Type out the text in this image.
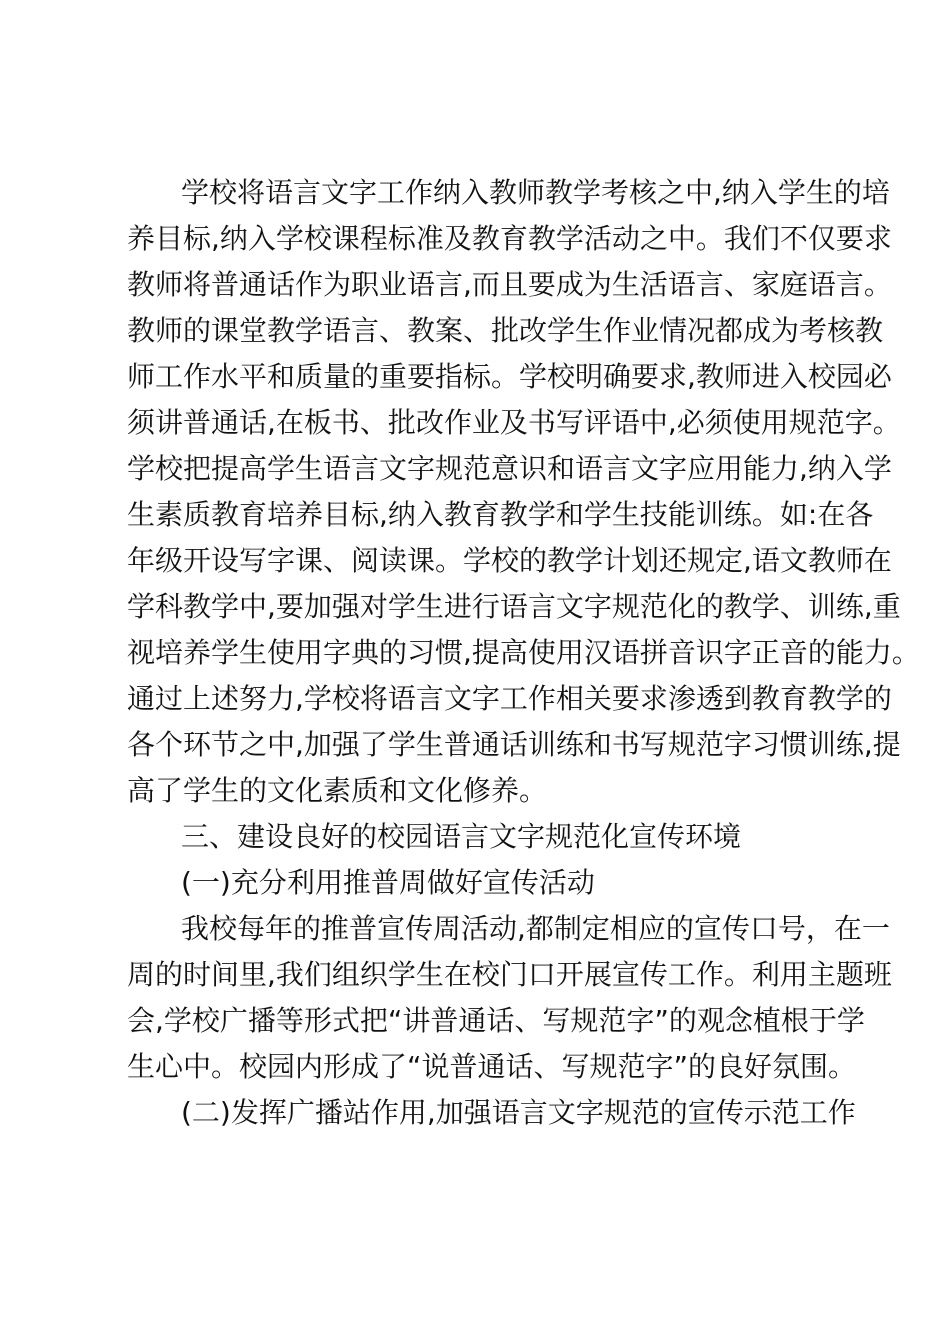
学校将语言文字工作纳入教师教学考核之中,纳入学生的培
养目标,纳入学校课程标准及教育教学活动之中。我们不仅要求
教师将普通话作为职业语言,而且要成为生活语言、家庭语言。
教师的课堂教学语言、教案、批改学生作业情况都成为考核教
师工作水平和质量的重要指标。学校明确要求,教师进入校园必
须讲普通话,在板书、批改作业及书写评语中,必须使用规范字。
学校把提高学生语言文字规范意识和语言文字应用能力,纳入学
生素质教育培养目标,纳入教育教学和学生技能训练。如:在各
年级开设写字课、阅读课。学校的教学计划还规定,语文教师在
学科教学中,要加强对学生进行语言文字规范化的教学、训练,重
视培养学生使用字典的习惯,提高使用汉语拼音识字正音的能力。
通过上述努力,学校将语言文字工作相关要求渗透到教育教学的
各个环节之中,加强了学生普通话训练和书写规范字习惯训练,提
高了学生的文化素质和文化修养。
三、建设良好的校园语言文字规范化宣传环境
(一)充分利用推普周做好宣传活动
我校每年的推普宣传周活动,都制定相应的宣传口号，在一
周的时间里,我们组织学生在校门口开展宣传工作。利用主题班
会,学校广播等形式把“讲普通话、写规范字”的观念植根于学
生心中。校园内形成了“说普通话、写规范字”的良好氛围。
(二)发挥广播站作用,加强语言文字规范的宣传示范工作
